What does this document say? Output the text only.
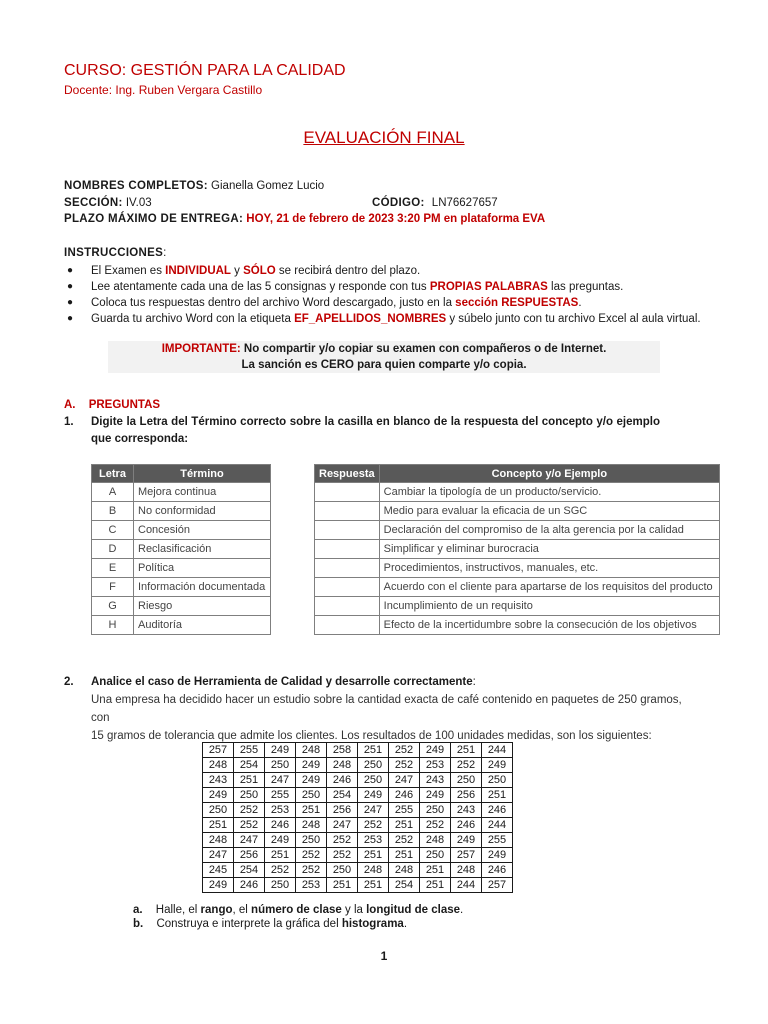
CURSO: GESTIÓN PARA LA CALIDAD
Docente: Ing. Ruben Vergara Castillo
EVALUACIÓN FINAL
NOMBRES COMPLETOS: Gianella Gomez Lucio
SECCIÓN: IV.03	CÓDIGO: LN76627657
PLAZO MÁXIMO DE ENTREGA: HOY, 21 de febrero de 2023 3:20 PM en plataforma EVA
INSTRUCCIONES:
● El Examen es INDIVIDUAL y SÓLO se recibirá dentro del plazo.
● Lee atentamente cada una de las 5 consignas y responde con tus PROPIAS PALABRAS las preguntas.
● Coloca tus respuestas dentro del archivo Word descargado, justo en la sección RESPUESTAS.
● Guarda tu archivo Word con la etiqueta EF_APELLIDOS_NOMBRES y súbelo junto con tu archivo Excel al aula virtual.
IMPORTANTE: No compartir y/o copiar su examen con compañeros o de Internet.
La sanción es CERO para quien comparte y/o copia.
A. PREGUNTAS
1. Digite la Letra del Término correcto sobre la casilla en blanco de la respuesta del concepto y/o ejemplo que corresponda:
Letra	Término
A	Mejora continua
B	No conformidad
C	Concesión
D	Reclasificación
E	Política
F	Información documentada
G	Riesgo
H	Auditoría
Respuesta	Concepto y/o Ejemplo
	Cambiar la tipología de un producto/servicio.
	Medio para evaluar la eficacia de un SGC
	Declaración del compromiso de la alta gerencia por la calidad
	Simplificar y eliminar burocracia
	Procedimientos, instructivos, manuales, etc.
	Acuerdo con el cliente para apartarse de los requisitos del producto
	Incumplimiento de un requisito
	Efecto de la incertidumbre sobre la consecución de los objetivos
2. Analice el caso de Herramienta de Calidad y desarrolle correctamente:
Una empresa ha decidido hacer un estudio sobre la cantidad exacta de café contenido en paquetes de 250 gramos, con
15 gramos de tolerancia que admite los clientes. Los resultados de 100 unidades medidas, son los siguientes:
257	255	249	248	258	251	252	249	251	244
248	254	250	249	248	250	252	253	252	249
243	251	247	249	246	250	247	243	250	250
249	250	255	250	254	249	246	249	256	251
250	252	253	251	256	247	255	250	243	246
251	252	246	248	247	252	251	252	246	244
248	247	249	250	252	253	252	248	249	255
247	256	251	252	252	251	251	250	257	249
245	254	252	252	250	248	248	251	248	246
249	246	250	253	251	251	254	251	244	257
a. Halle, el rango, el número de clase y la longitud de clase.
b. Construya e interprete la gráfica del histograma.
1
